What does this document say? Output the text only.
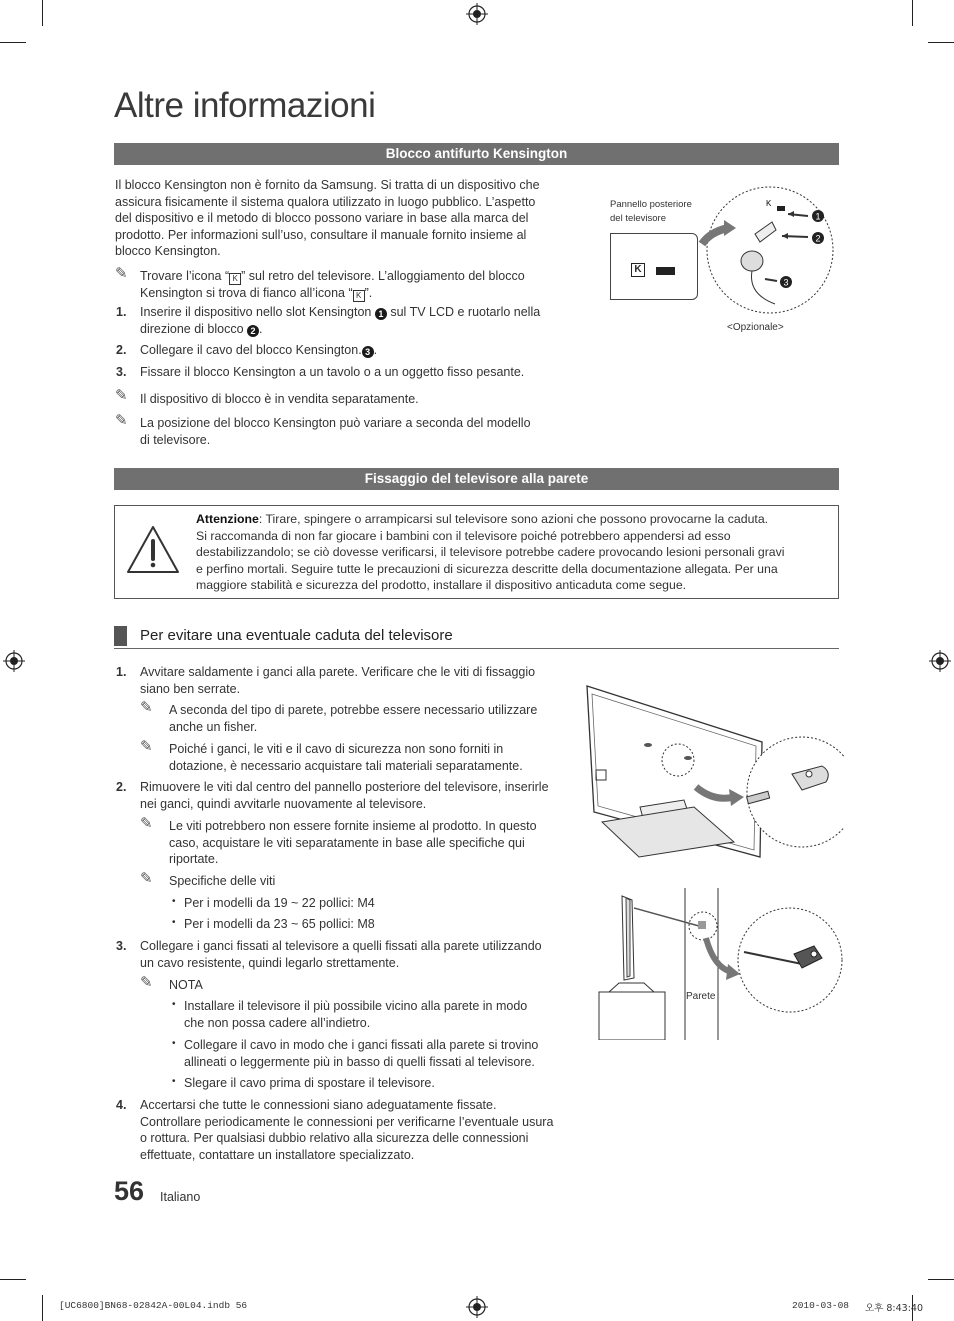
Altre informazioni
Blocco antifurto Kensington
Il blocco Kensington non è fornito da Samsung. Si tratta di un dispositivo che
assicura fisicamente il sistema qualora utilizzato in luogo pubblico. L’aspetto
del dispositivo e il metodo di blocco possono variare in base alla marca del
prodotto. Per informazioni sull’uso, consultare il manuale fornito insieme al
blocco Kensington.
✎ Trovare l’icona “ K ” sul retro del televisore. L’alloggiamento del blocco
Kensington si trova di fianco all’icona “ K ”.
1. Inserire il dispositivo nello slot Kensington 1 sul TV LCD e ruotarlo nella
direzione di blocco 2 .
2. Collegare il cavo del blocco Kensington. 3 .
3. Fissare il blocco Kensington a un tavolo o a un oggetto fisso pesante.
✎ Il dispositivo di blocco è in vendita separatamente.
✎ La posizione del blocco Kensington può variare a seconda del modello
di televisore.
Pannello posteriore
del televisore
K
K
1
2
3
<Opzionale>
Fissaggio del televisore alla parete
Attenzione: Tirare, spingere o arrampicarsi sul televisore sono azioni che possono provocarne la caduta.
Si raccomanda di non far giocare i bambini con il televisore poiché potrebbero appendersi ad esso
destabilizzandolo; se ciò dovesse verificarsi, il televisore potrebbe cadere provocando lesioni personali gravi
e perfino mortali. Seguire tutte le precauzioni di sicurezza descritte della documentazione allegata. Per una
maggiore stabilità e sicurezza del prodotto, installare il dispositivo anticaduta come segue.
Per evitare una eventuale caduta del televisore
1. Avvitare saldamente i ganci alla parete. Verificare che le viti di fissaggio
siano ben serrate.
✎ A seconda del tipo di parete, potrebbe essere necessario utilizzare
anche un fisher.
✎ Poiché i ganci, le viti e il cavo di sicurezza non sono forniti in
dotazione, è necessario acquistare tali materiali separatamente.
2. Rimuovere le viti dal centro del pannello posteriore del televisore, inserirle
nei ganci, quindi avvitarle nuovamente al televisore.
✎ Le viti potrebbero non essere fornite insieme al prodotto. In questo
caso, acquistare le viti separatamente in base alle specifiche qui
riportate.
✎ Specifiche delle viti
• Per i modelli da 19 ~ 22 pollici: M4
• Per i modelli da 23 ~ 65 pollici: M8
3. Collegare i ganci fissati al televisore a quelli fissati alla parete utilizzando
un cavo resistente, quindi legarlo strettamente.
✎ NOTA
• Installare il televisore il più possibile vicino alla parete in modo
che non possa cadere all’indietro.
• Collegare il cavo in modo che i ganci fissati alla parete si trovino
allineati o leggermente più in basso di quelli fissati al televisore.
• Slegare il cavo prima di spostare il televisore.
4. Accertarsi che tutte le connessioni siano adeguatamente fissate.
Controllare periodicamente le connessioni per verificarne l’eventuale usura
o rottura. Per qualsiasi dubbio relativo alla sicurezza delle connessioni
effettuate, contattare un installatore specializzato.
Parete
56 Italiano
[UC6800]BN68-02842A-00L04.indb 56	2010-03-08 오후 8:43:40
